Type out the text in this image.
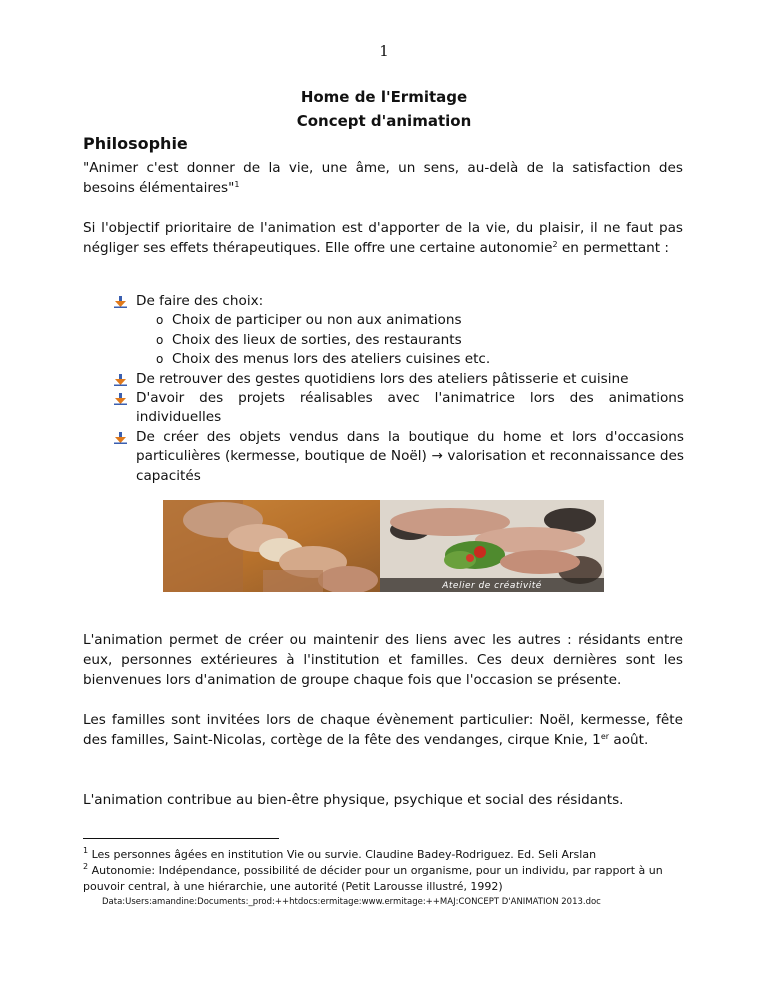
1
Home de l'Ermitage
Concept d'animation
Philosophie
"Animer c'est donner de la vie, une âme, un sens, au-delà de la satisfaction des besoins élémentaires"$^1$
Si l'objectif prioritaire de l'animation est d'apporter de la vie, du plaisir, il ne faut pas négliger ses effets thérapeutiques. Elle offre une certaine autonomie$^2$ en permettant :
De faire des choix:
o Choix de participer ou non aux animations
o Choix des lieux de sorties, des restaurants
o Choix des menus lors des ateliers cuisines etc.
De retrouver des gestes quotidiens lors des ateliers pâtisserie et cuisine
D'avoir des projets réalisables avec l'animatrice lors des animations individuelles
De créer des objets vendus dans la boutique du home et lors d'occasions particulières (kermesse, boutique de Noël) → valorisation et reconnaissance des capacités
Atelier de créativité
L'animation permet de créer ou maintenir des liens avec les autres : résidants entre eux, personnes extérieures à l'institution et familles. Ces deux dernières sont les bienvenues lors d'animation de groupe chaque fois que l'occasion se présente.
Les familles sont invitées lors de chaque évènement particulier: Noël, kermesse, fête des familles, Saint-Nicolas, cortège de la fête des vendanges, cirque Knie, 1er août.
L'animation contribue au bien-être physique, psychique et social des résidants.
$^1$ Les personnes âgées en institution Vie ou survie. Claudine Badey-Rodriguez. Ed. Seli Arslan
$^2$ Autonomie: Indépendance, possibilité de décider pour un organisme, pour un individu, par rapport à un pouvoir central, à une hiérarchie, une autorité (Petit Larousse illustré, 1992)
Data:Users:amandine:Documents:_prod:++htdocs:ermitage:www.ermitage:++MAJ:CONCEPT D'ANIMATION 2013.doc
